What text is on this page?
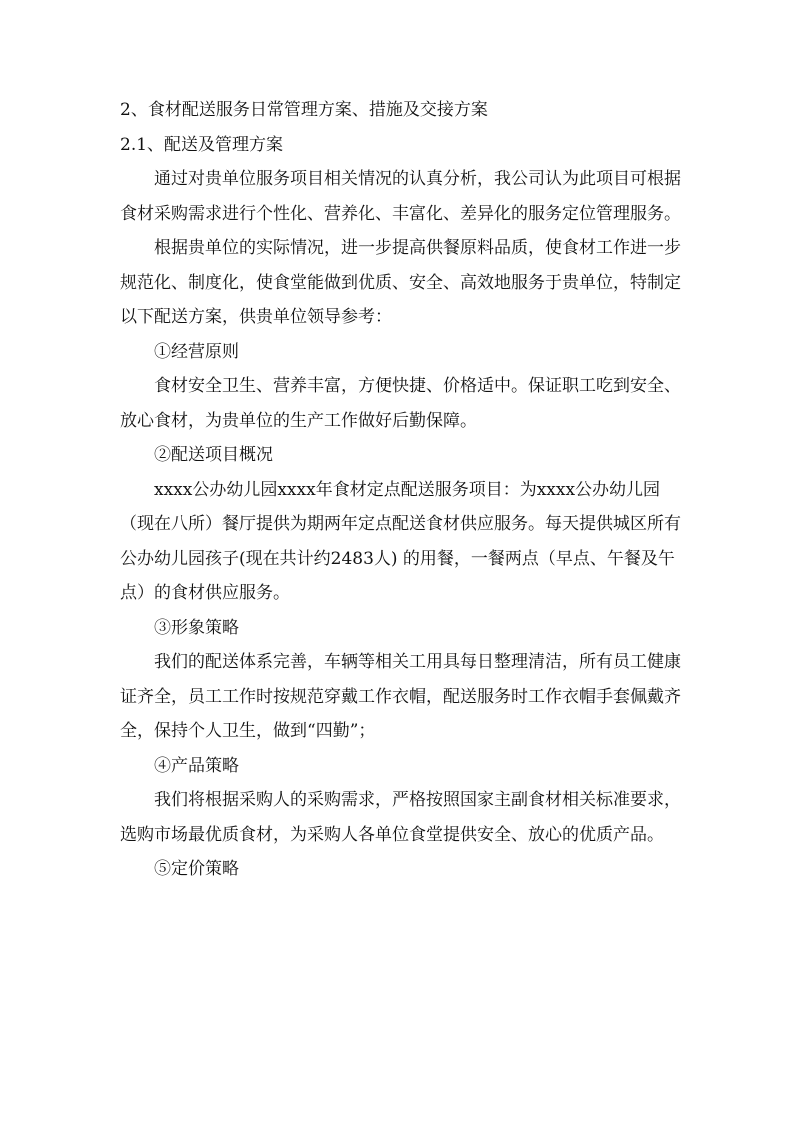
2、食材配送服务日常管理方案、措施及交接方案

2.1、配送及管理方案

通过对贵单位服务项目相关情况的认真分析，我公司认为此项目可根据食材采购需求进行个性化、营养化、丰富化、差异化的服务定位管理服务。

根据贵单位的实际情况，进一步提高供餐原料品质，使食材工作进一步规范化、制度化，使食堂能做到优质、安全、高效地服务于贵单位，特制定以下配送方案，供贵单位领导参考：

①经营原则

食材安全卫生、营养丰富，方便快捷、价格适中。保证职工吃到安全、放心食材，为贵单位的生产工作做好后勤保障。

②配送项目概况

xxxx公办幼儿园xxxx年食材定点配送服务项目：为xxxx公办幼儿园（现在八所）餐厅提供为期两年定点配送食材供应服务。每天提供城区所有公办幼儿园孩子(现在共计约2483人) 的用餐，一餐两点（早点、午餐及午点）的食材供应服务。

③形象策略

我们的配送体系完善，车辆等相关工用具每日整理清洁，所有员工健康证齐全，员工工作时按规范穿戴工作衣帽，配送服务时工作衣帽手套佩戴齐全，保持个人卫生，做到“四勤”；

④产品策略

我们将根据采购人的采购需求，严格按照国家主副食材相关标准要求，选购市场最优质食材，为采购人各单位食堂提供安全、放心的优质产品。

⑤定价策略
